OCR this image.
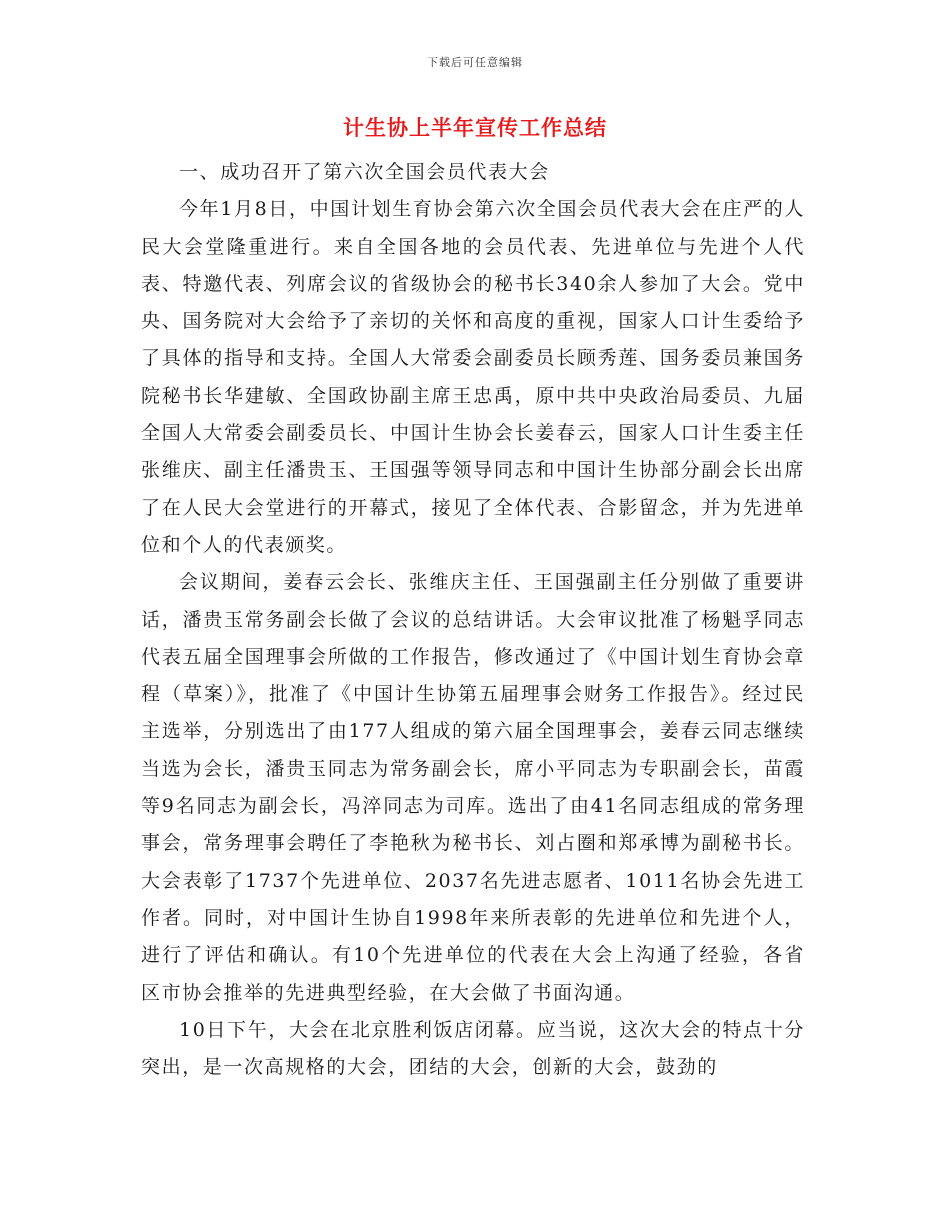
下载后可任意编辑
计生协上半年宣传工作总结

一、成功召开了第六次全国会员代表大会

今年1月8日，中国计划生育协会第六次全国会员代表大会在庄严的人民大会堂隆重进行。来自全国各地的会员代表、先进单位与先进个人代表、特邀代表、列席会议的省级协会的秘书长340余人参加了大会。党中央、国务院对大会给予了亲切的关怀和高度的重视，国家人口计生委给予了具体的指导和支持。全国人大常委会副委员长顾秀莲、国务委员兼国务院秘书长华建敏、全国政协副主席王忠禹，原中共中央政治局委员、九届全国人大常委会副委员长、中国计生协会长姜春云，国家人口计生委主任张维庆、副主任潘贵玉、王国强等领导同志和中国计生协部分副会长出席了在人民大会堂进行的开幕式，接见了全体代表、合影留念，并为先进单位和个人的代表颁奖。

会议期间，姜春云会长、张维庆主任、王国强副主任分别做了重要讲话，潘贵玉常务副会长做了会议的总结讲话。大会审议批准了杨魁孚同志代表五届全国理事会所做的工作报告，修改通过了《中国计划生育协会章程（草案）》，批准了《中国计生协第五届理事会财务工作报告》。经过民主选举，分别选出了由177人组成的第六届全国理事会，姜春云同志继续当选为会长，潘贵玉同志为常务副会长，席小平同志为专职副会长，苗霞等9名同志为副会长，冯淬同志为司库。选出了由41名同志组成的常务理事会，常务理事会聘任了李艳秋为秘书长、刘占圈和郑承博为副秘书长。大会表彰了1737个先进单位、2037名先进志愿者、1011名协会先进工作者。同时，对中国计生协自1998年来所表彰的先进单位和先进个人，进行了评估和确认。有10个先进单位的代表在大会上沟通了经验，各省区市协会推举的先进典型经验，在大会做了书面沟通。

10日下午，大会在北京胜利饭店闭幕。应当说，这次大会的特点十分突出，是一次高规格的大会，团结的大会，创新的大会，鼓劲的
